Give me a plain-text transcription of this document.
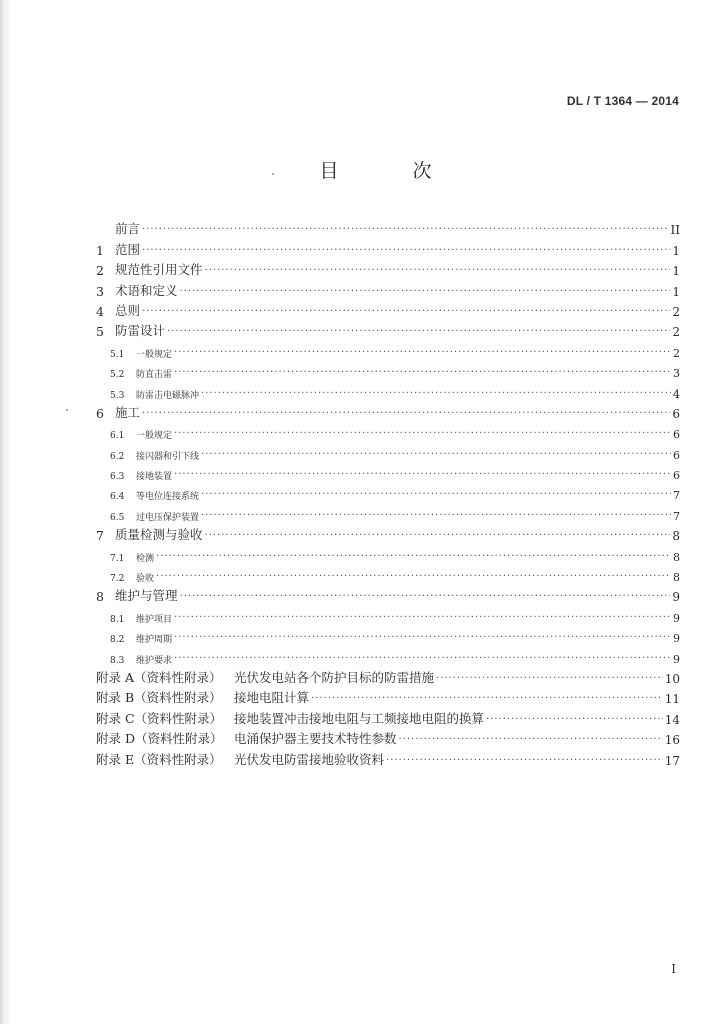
DL / T 1364 — 2014
目 次
前言 ·····	II
1 范围 ·····	1
2 规范性引用文件 ·····	1
3 术语和定义 ·····	1
4 总则 ·····	2
5 防雷设计 ·····	2
5.1	一般规定 ·····	2
5.2	防直击雷 ·····	3
5.3	防雷击电磁脉冲 ·····	4
6 施工 ·····	6
6.1	一般规定 ·····	6
6.2	接闪器和引下线 ·····	6
6.3	接地装置 ·····	6
6.4	等电位连接系统 ·····	7
6.5	过电压保护装置 ·····	7
7 质量检测与验收 ·····	8
7.1	检测 ·····	8
7.2	验收 ·····	8
8 维护与管理 ·····	9
8.1	维护项目 ·····	9
8.2	维护周期 ·····	9
8.3	维护要求 ·····	9
附录 A（资料性附录） 光伏发电站各个防护目标的防雷措施 ·····	10
附录 B（资料性附录） 接地电阻计算 ·····	11
附录 C（资料性附录） 接地装置冲击接地电阻与工频接地电阻的换算 ·····	14
附录 D（资料性附录） 电涌保护器主要技术特性参数 ·····	16
附录 E（资料性附录） 光伏发电防雷接地验收资料 ·····	17
I
